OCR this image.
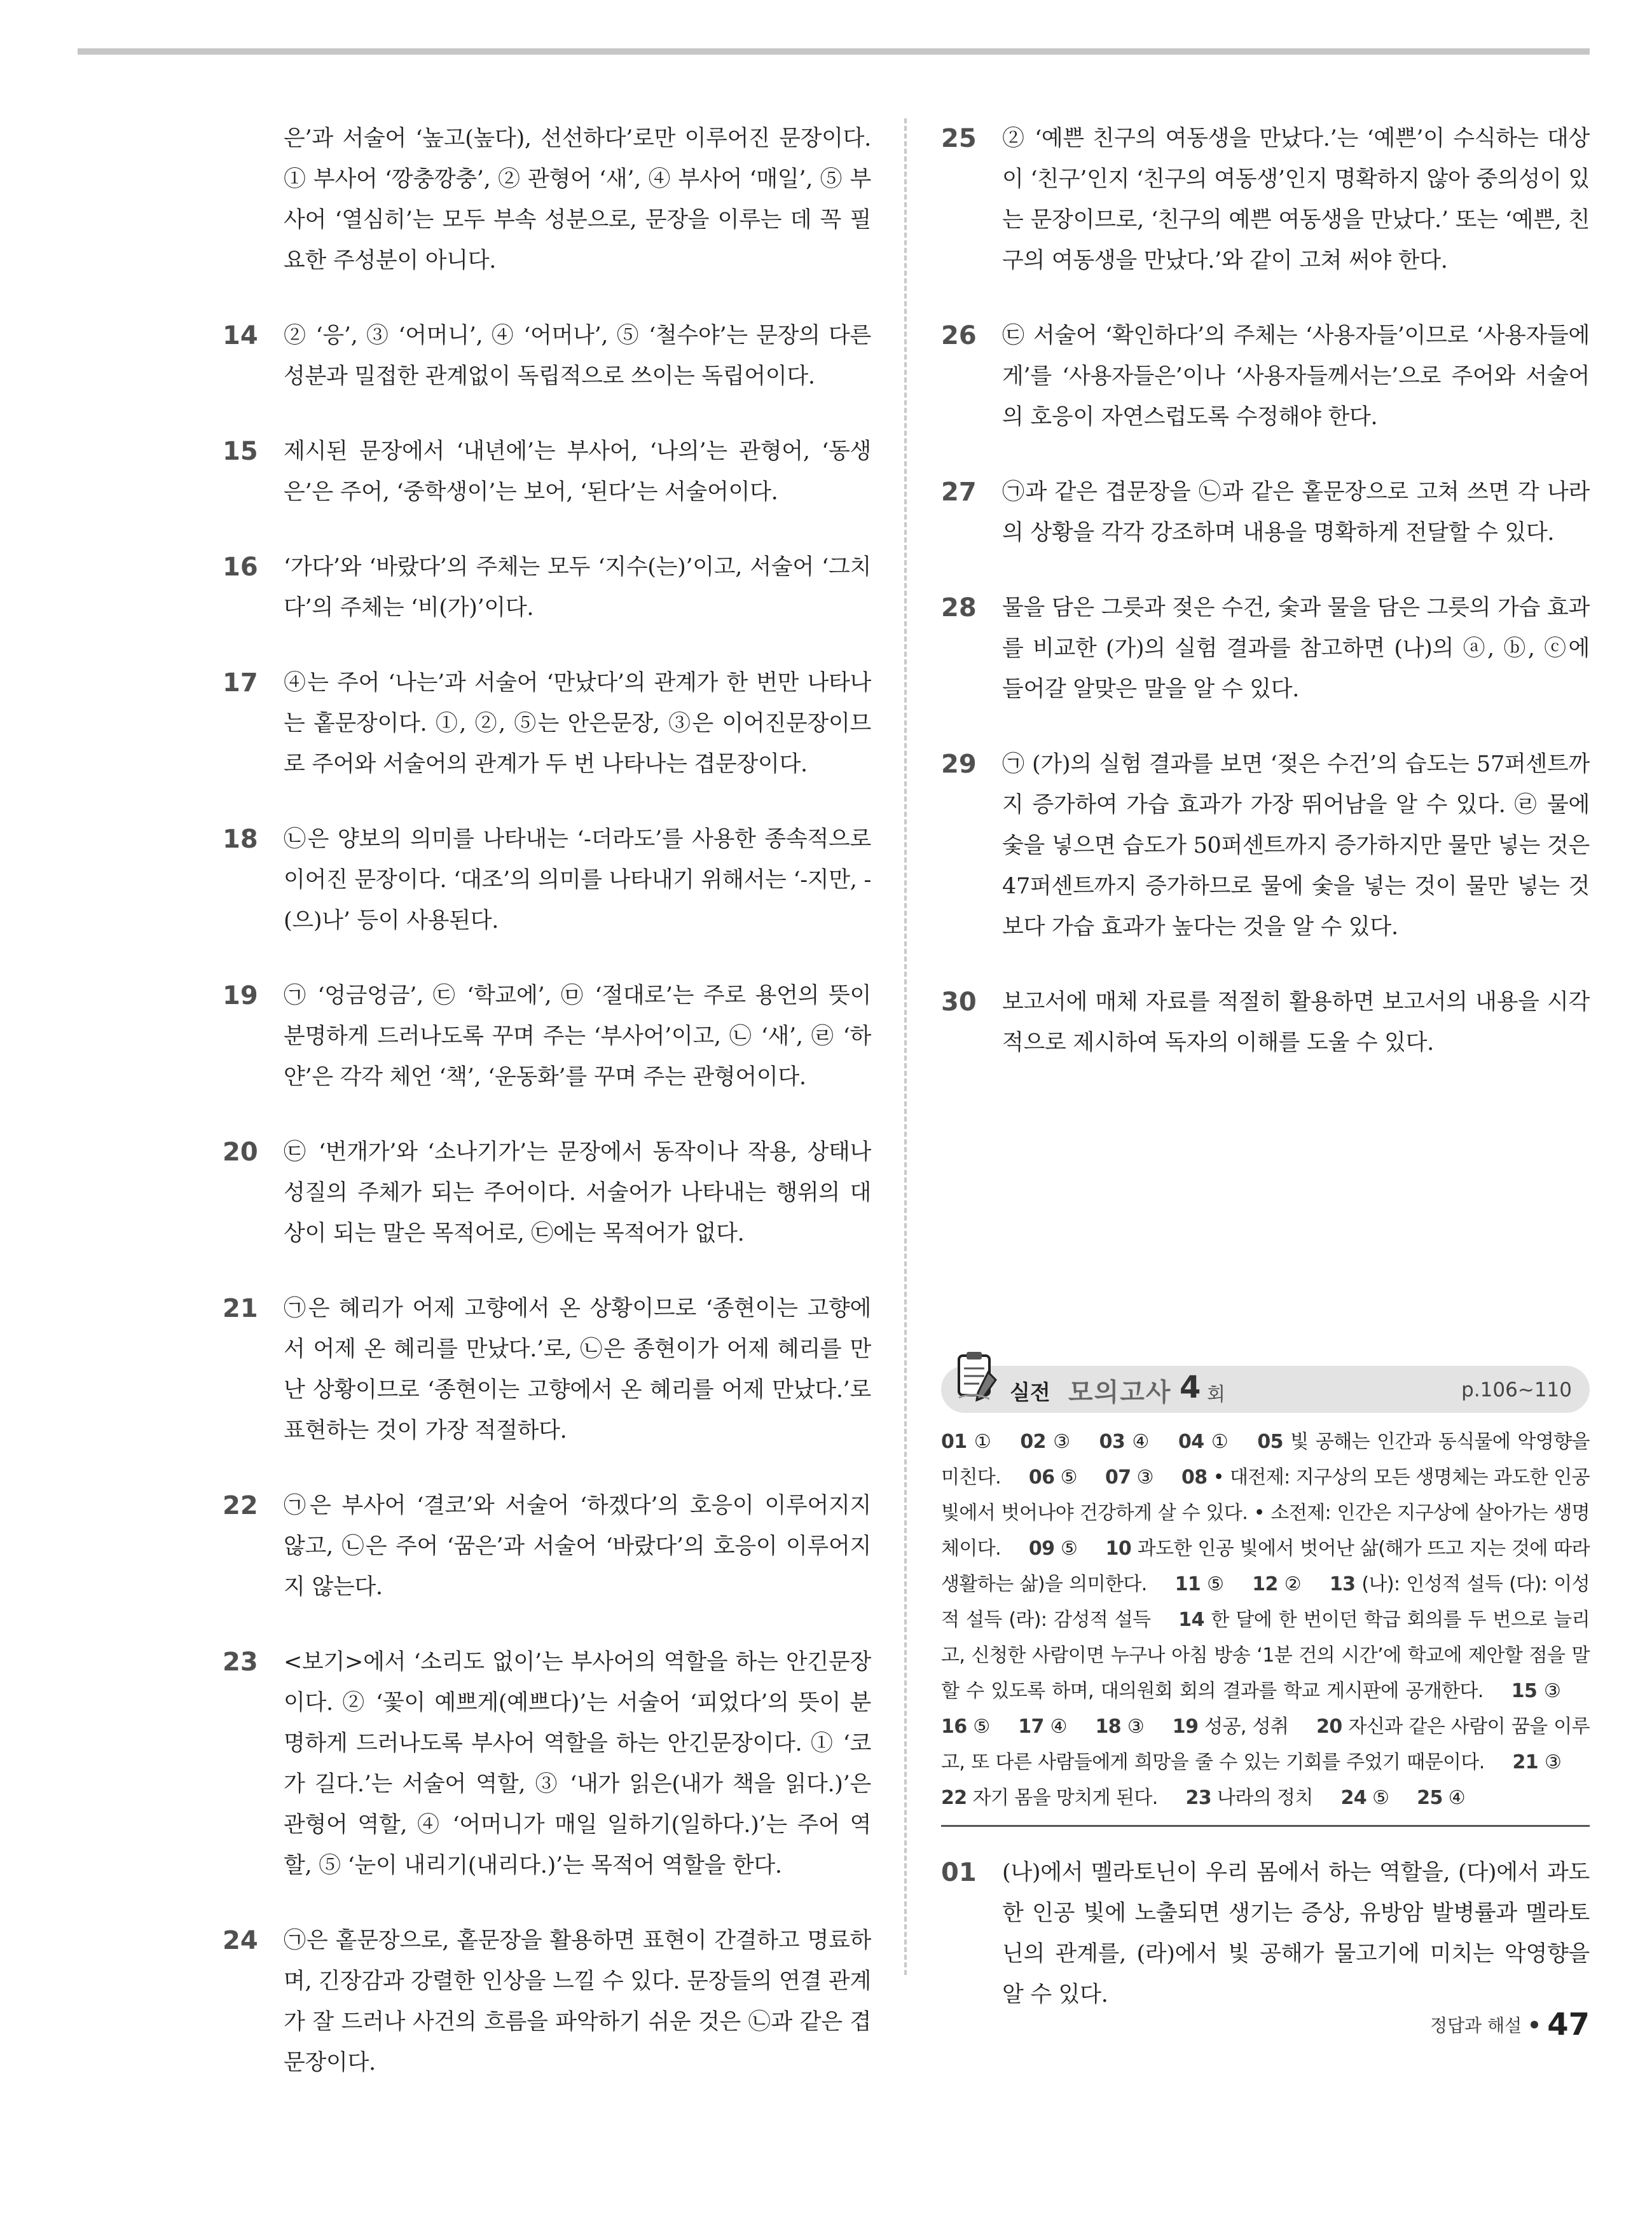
은’과 서술어 ‘높고(높다), 선선하다’로만 이루어진 문장이다. ① 부사어 ‘깡충깡충’, ② 관형어 ‘새’, ④ 부사어 ‘매일’, ⑤ 부사어 ‘열심히’는 모두 부속 성분으로, 문장을 이루는 데 꼭 필요한 주성분이 아니다.

14	② ‘응’, ③ ‘어머니’, ④ ‘어머나’, ⑤ ‘철수야’는 문장의 다른 성분과 밀접한 관계없이 독립적으로 쓰이는 독립어이다.

15	제시된 문장에서 ‘내년에’는 부사어, ‘나의’는 관형어, ‘동생은’은 주어, ‘중학생이’는 보어, ‘된다’는 서술어이다.

16	‘가다’와 ‘바랐다’의 주체는 모두 ‘지수(는)’이고, 서술어 ‘그치다’의 주체는 ‘비(가)’이다.

17	④는 주어 ‘나는’과 서술어 ‘만났다’의 관계가 한 번만 나타나는 홑문장이다. ①, ②, ⑤는 안은문장, ③은 이어진문장이므로 주어와 서술어의 관계가 두 번 나타나는 겹문장이다.

18	㉡은 양보의 의미를 나타내는 ‘-더라도’를 사용한 종속적으로 이어진 문장이다. ‘대조’의 의미를 나타내기 위해서는 ‘-지만, -(으)나’ 등이 사용된다.

19	㉠ ‘엉금엉금’, ㉢ ‘학교에’, ㉤ ‘절대로’는 주로 용언의 뜻이 분명하게 드러나도록 꾸며 주는 ‘부사어’이고, ㉡ ‘새’, ㉣ ‘하얀’은 각각 체언 ‘책’, ‘운동화’를 꾸며 주는 관형어이다.

20	㉢ ‘번개가’와 ‘소나기가’는 문장에서 동작이나 작용, 상태나 성질의 주체가 되는 주어이다. 서술어가 나타내는 행위의 대상이 되는 말은 목적어로, ㉢에는 목적어가 없다.

21	㉠은 혜리가 어제 고향에서 온 상황이므로 ‘종현이는 고향에서 어제 온 혜리를 만났다.’로, ㉡은 종현이가 어제 혜리를 만난 상황이므로 ‘종현이는 고향에서 온 혜리를 어제 만났다.’로 표현하는 것이 가장 적절하다.

22	㉠은 부사어 ‘결코’와 서술어 ‘하겠다’의 호응이 이루어지지 않고, ㉡은 주어 ‘꿈은’과 서술어 ‘바랐다’의 호응이 이루어지지 않는다.

23	<보기>에서 ‘소리도 없이’는 부사어의 역할을 하는 안긴문장이다. ② ‘꽃이 예쁘게(예쁘다)’는 서술어 ‘피었다’의 뜻이 분명하게 드러나도록 부사어 역할을 하는 안긴문장이다. ① ‘코가 길다.’는 서술어 역할, ③ ‘내가 읽은(내가 책을 읽다.)’은 관형어 역할, ④ ‘어머니가 매일 일하기(일하다.)’는 주어 역할, ⑤ ‘눈이 내리기(내리다.)’는 목적어 역할을 한다.

24	㉠은 홑문장으로, 홑문장을 활용하면 표현이 간결하고 명료하며, 긴장감과 강렬한 인상을 느낄 수 있다. 문장들의 연결 관계가 잘 드러나 사건의 흐름을 파악하기 쉬운 것은 ㉡과 같은 겹문장이다.

25	② ‘예쁜 친구의 여동생을 만났다.’는 ‘예쁜’이 수식하는 대상이 ‘친구’인지 ‘친구의 여동생’인지 명확하지 않아 중의성이 있는 문장이므로, ‘친구의 예쁜 여동생을 만났다.’ 또는 ‘예쁜, 친구의 여동생을 만났다.’와 같이 고쳐 써야 한다.

26	㉢ 서술어 ‘확인하다’의 주체는 ‘사용자들’이므로 ‘사용자들에게’를 ‘사용자들은’이나 ‘사용자들께서는’으로 주어와 서술어의 호응이 자연스럽도록 수정해야 한다.

27	㉠과 같은 겹문장을 ㉡과 같은 홑문장으로 고쳐 쓰면 각 나라의 상황을 각각 강조하며 내용을 명확하게 전달할 수 있다.

28	물을 담은 그릇과 젖은 수건, 숯과 물을 담은 그릇의 가습 효과를 비교한 (가)의 실험 결과를 참고하면 (나)의 ⓐ, ⓑ, ⓒ에 들어갈 알맞은 말을 알 수 있다.

29	㉠ (가)의 실험 결과를 보면 ‘젖은 수건’의 습도는 57퍼센트까지 증가하여 가습 효과가 가장 뛰어남을 알 수 있다. ㉣ 물에 숯을 넣으면 습도가 50퍼센트까지 증가하지만 물만 넣는 것은 47퍼센트까지 증가하므로 물에 숯을 넣는 것이 물만 넣는 것보다 가습 효과가 높다는 것을 알 수 있다.

30	보고서에 매체 자료를 적절히 활용하면 보고서의 내용을 시각적으로 제시하여 독자의 이해를 도울 수 있다.

실전 모의고사 4 회	p.106~110
01 ①   02 ③   03 ④   04 ①   05 빛 공해는 인간과 동식물에 악영향을 미친다.   06 ⑤   07 ③   08 • 대전제: 지구상의 모든 생명체는 과도한 인공 빛에서 벗어나야 건강하게 살 수 있다. • 소전제: 인간은 지구상에 살아가는 생명체이다.   09 ⑤   10 과도한 인공 빛에서 벗어난 삶(해가 뜨고 지는 것에 따라 생활하는 삶)을 의미한다.   11 ⑤   12 ②   13 (나): 인성적 설득 (다): 이성적 설득 (라): 감성적 설득   14 한 달에 한 번이던 학급 회의를 두 번으로 늘리고, 신청한 사람이면 누구나 아침 방송 ‘1분 건의 시간’에 학교에 제안할 점을 말할 수 있도록 하며, 대의원회 회의 결과를 학교 게시판에 공개한다.   15 ③  16 ⑤   17 ④   18 ③   19 성공, 성취   20 자신과 같은 사람이 꿈을 이루고, 또 다른 사람들에게 희망을 줄 수 있는 기회를 주었기 때문이다.   21 ③  22 자기 몸을 망치게 된다.   23 나라의 정치   24 ⑤   25 ④  
01	(나)에서 멜라토닌이 우리 몸에서 하는 역할을, (다)에서 과도한 인공 빛에 노출되면 생기는 증상, 유방암 발병률과 멜라토닌의 관계를, (라)에서 빛 공해가 물고기에 미치는 악영향을 알 수 있다.

정답과 해설 47
